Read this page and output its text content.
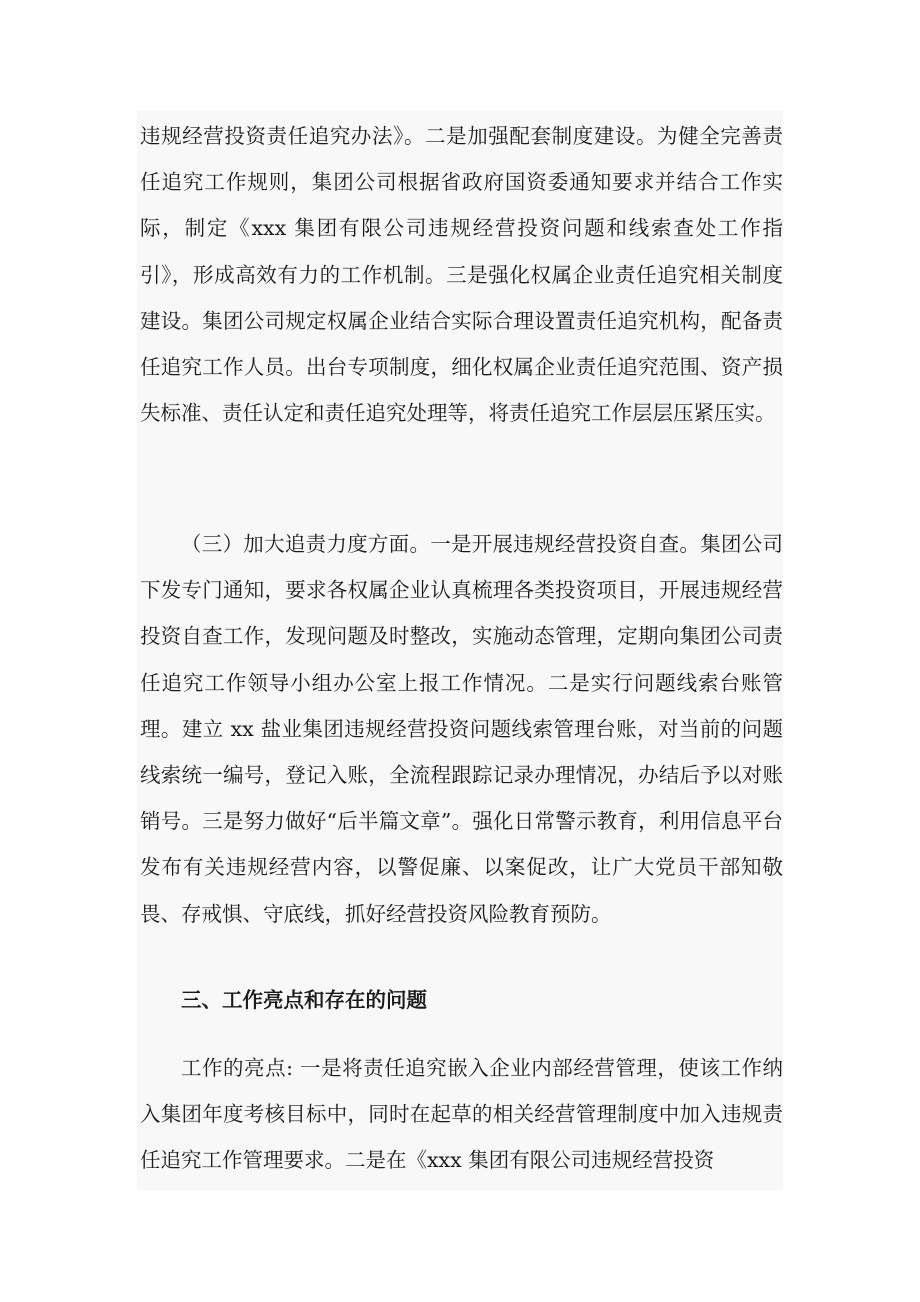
违规经营投资责任追究办法》。二是加强配套制度建设。为健全完善责任追究工作规则，集团公司根据省政府国资委通知要求并结合工作实际，制定《xxx 集团有限公司违规经营投资问题和线索查处工作指引》，形成高效有力的工作机制。三是强化权属企业责任追究相关制度建设。集团公司规定权属企业结合实际合理设置责任追究机构，配备责任追究工作人员。出台专项制度，细化权属企业责任追究范围、资产损失标准、责任认定和责任追究处理等，将责任追究工作层层压紧压实。

（三）加大追责力度方面。一是开展违规经营投资自查。集团公司下发专门通知，要求各权属企业认真梳理各类投资项目，开展违规经营投资自查工作，发现问题及时整改，实施动态管理，定期向集团公司责任追究工作领导小组办公室上报工作情况。二是实行问题线索台账管理。建立 xx 盐业集团违规经营投资问题线索管理台账，对当前的问题线索统一编号，登记入账，全流程跟踪记录办理情况，办结后予以对账销号。三是努力做好“后半篇文章”。强化日常警示教育，利用信息平台发布有关违规经营内容，以警促廉、以案促改，让广大党员干部知敬畏、存戒惧、守底线，抓好经营投资风险教育预防。

三、工作亮点和存在的问题

工作的亮点: 一是将责任追究嵌入企业内部经营管理，使该工作纳入集团年度考核目标中，同时在起草的相关经营管理制度中加入违规责任追究工作管理要求。二是在《xxx 集团有限公司违规经营投资
